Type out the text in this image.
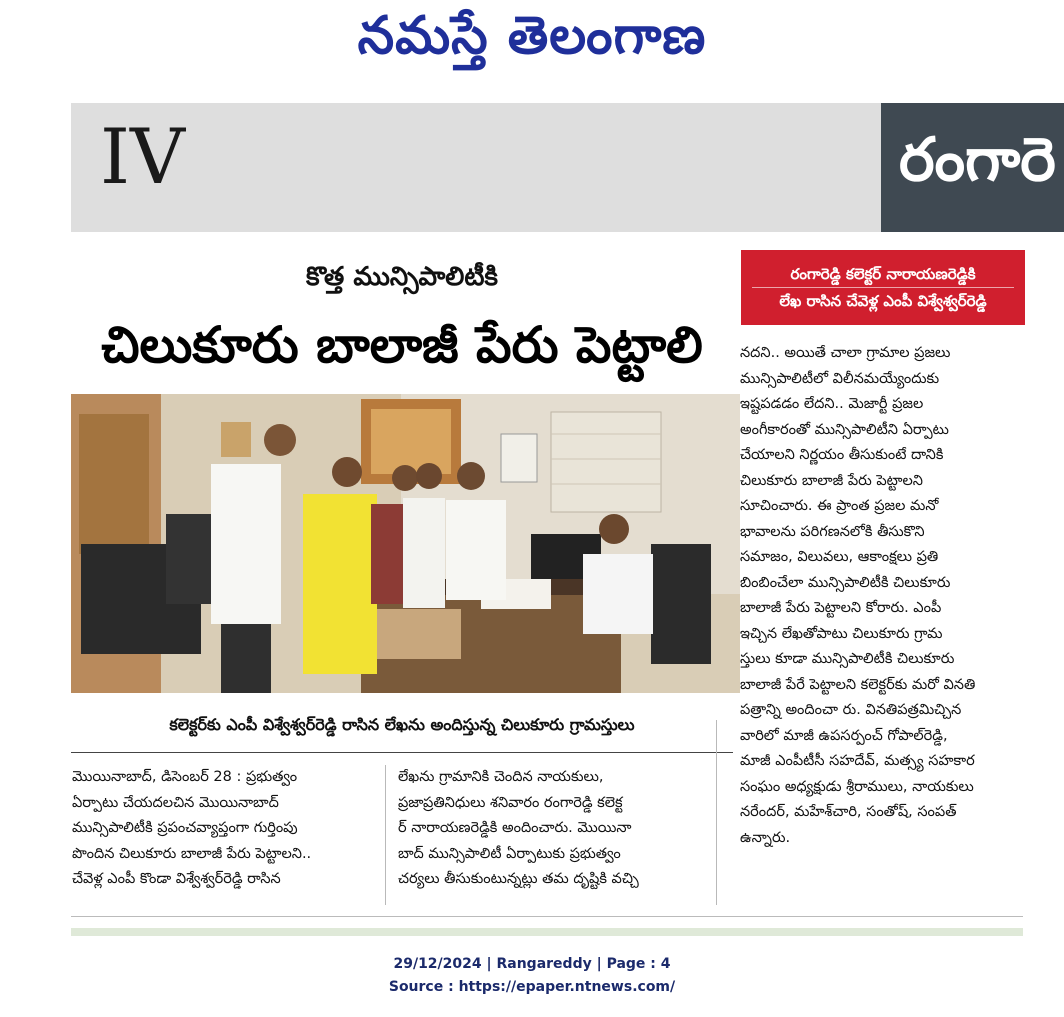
నమస్తే తెలంగాణ
IV	రంగారె
కొత్త మున్సిపాలిటీకి
చిలుకూరు బాలాజీ పేరు పెట్టాలి
రంగారెడ్డి కలెక్టర్ నారాయణరెడ్డికి
లేఖ రాసిన చేవెళ్ల ఎంపీ విశ్వేశ్వర్‌రెడ్డి
కలెక్టర్‌కు ఎంపీ విశ్వేశ్వర్‌రెడ్డి రాసిన లేఖను అందిస్తున్న చిలుకూరు గ్రామస్తులు
మొయినాబాద్, డిసెంబర్ 28 : ప్రభుత్వం
ఏర్పాటు చేయదలచిన మొయినాబాద్
మున్సిపాలిటీకి ప్రపంచవ్యాప్తంగా గుర్తింపు
పొందిన చిలుకూరు బాలాజీ పేరు పెట్టాలని..
చేవెళ్ల ఎంపీ కొండా విశ్వేశ్వర్‌రెడ్డి రాసిన
లేఖను గ్రామానికి చెందిన నాయకులు,
ప్రజాప్రతినిధులు శనివారం రంగారెడ్డి కలెక్ట
ర్ నారాయణరెడ్డికి అందించారు. మొయినా
బాద్ మున్సిపాలిటీ ఏర్పాటుకు ప్రభుత్వం
చర్యలు తీసుకుంటున్నట్లు తమ దృష్టికి వచ్చి
నదని.. అయితే చాలా గ్రామాల ప్రజలు
మున్సిపాలిటీలో విలీనమయ్యేందుకు
ఇష్టపడడం లేదని.. మెజార్టీ ప్రజల
అంగీకారంతో మున్సిపాలిటీని ఏర్పాటు
చేయాలని నిర్ణయం తీసుకుంటే దానికి
చిలుకూరు బాలాజీ పేరు పెట్టాలని
సూచించారు. ఈ ప్రాంత ప్రజల మనో
భావాలను పరిగణనలోకి తీసుకొని
సమాజం, విలువలు, ఆకాంక్షలు ప్రతి
బింబించేలా మున్సిపాలిటీకి చిలుకూరు
బాలాజీ పేరు పెట్టాలని కోరారు. ఎంపీ
ఇచ్చిన లేఖతోపాటు చిలుకూరు గ్రామ
స్తులు కూడా మున్సిపాలిటీకి చిలుకూరు
బాలాజీ పేరే పెట్టాలని కలెక్టర్‌కు మరో వినతి
పత్రాన్ని అందించా రు. వినతిపత్రమిచ్చిన
వారిలో మాజీ ఉపసర్పంచ్ గోపాల్‌రెడ్డి,
మాజీ ఎంపీటీసీ సహదేవ్, మత్స్య సహకార
సంఘం అధ్యక్షుడు శ్రీరాములు, నాయకులు
నరేందర్, మహేశ్‌చారి, సంతోష్, సంపత్
ఉన్నారు.
29/12/2024 | Rangareddy | Page : 4
Source : https://epaper.ntnews.com/
